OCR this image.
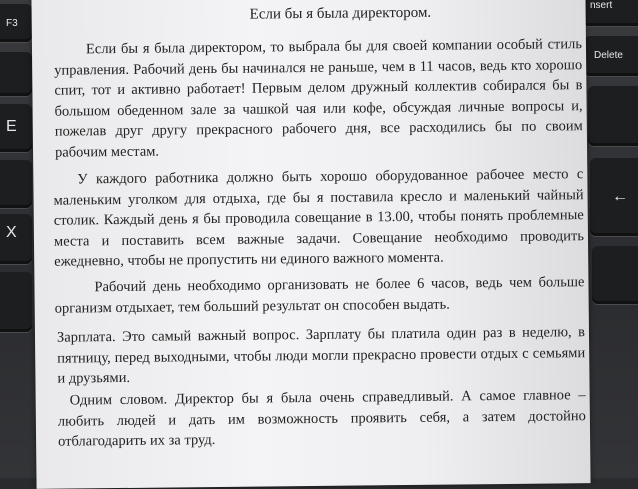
F3
E
X
nsert
Delete
←
Если бы я была директором.
Если бы я была директором, то выбрала бы для своей компании особый стиль управления. Рабочий день бы начинался не раньше, чем в 11 часов, ведь кто хорошо спит, тот и активно работает! Первым делом дружный коллектив собирался бы в большом обеденном зале за чашкой чая или кофе, обсуждая личные вопросы и, пожелав друг другу прекрасного рабочего дня, все расходились бы по своим рабочим местам.
У каждого работника должно быть хорошо оборудованное рабочее место с маленьким уголком для отдыха, где бы я поставила кресло и маленький чайный столик. Каждый день я бы проводила совещание в 13.00, чтобы понять проблемные места и поставить всем важные задачи. Совещание необходимо проводить ежедневно, чтобы не пропустить ни единого важного момента.
Рабочий день необходимо организовать не более 6 часов, ведь чем больше организм отдыхает, тем больший результат он способен выдать.
Зарплата. Это самый важный вопрос. Зарплату бы платила один раз в неделю, в пятницу, перед выходными, чтобы люди могли прекрасно провести отдых с семьями и друзьями.
Одним словом. Директор бы я была очень справедливый. А самое главное – любить людей и дать им возможность проявить себя, а затем достойно отблагодарить их за труд.
